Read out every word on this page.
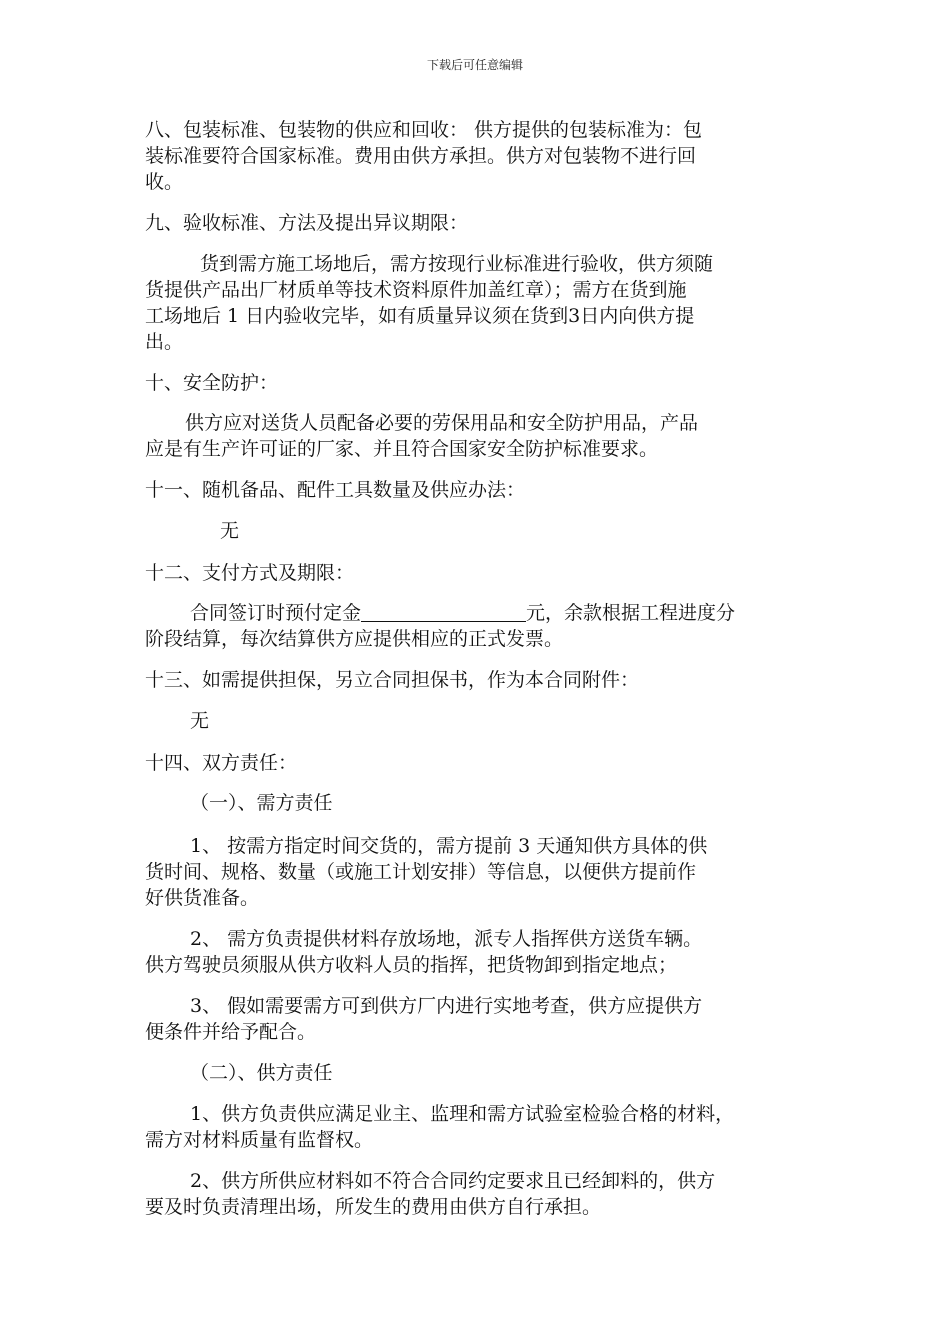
下载后可任意编辑

八、包装标准、包装物的供应和回收： 供方提供的包装标准为：包

装标准要符合国家标准。费用由供方承担。供方对包装物不进行回

收。

九、验收标准、方法及提出异议期限：

货到需方施工场地后，需方按现行业标准进行验收，供方须随

货提供产品出厂材质单等技术资料原件加盖红章）；需方在货到施

工场地后 1 日内验收完毕，如有质量异议须在货到3日内向供方提

出。

十、安全防护：

供方应对送货人员配备必要的劳保用品和安全防护用品，产品

应是有生产许可证的厂家、并且符合国家安全防护标准要求。

十一、随机备品、配件工具数量及供应办法：

无

十二、支付方式及期限：

合同签订时预付定金	元，余款根据工程进度分

阶段结算，每次结算供方应提供相应的正式发票。

十三、如需提供担保，另立合同担保书，作为本合同附件：

无

十四、双方责任：

（一）、需方责任

1、 按需方指定时间交货的，需方提前 3 天通知供方具体的供

货时间、规格、数量（或施工计划安排）等信息，以便供方提前作

好供货准备。

2、 需方负责提供材料存放场地，派专人指挥供方送货车辆。

供方驾驶员须服从供方收料人员的指挥，把货物卸到指定地点；

3、 假如需要需方可到供方厂内进行实地考查，供方应提供方

便条件并给予配合。

（二）、供方责任

1、供方负责供应满足业主、监理和需方试验室检验合格的材料，

需方对材料质量有监督权。

2、供方所供应材料如不符合合同约定要求且已经卸料的，供方

要及时负责清理出场，所发生的费用由供方自行承担。
